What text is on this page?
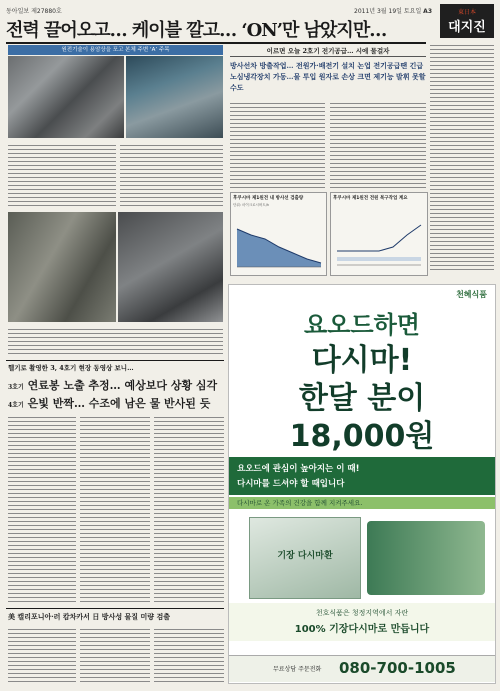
동아일보 제27880호	2011년 3월 19일 토요일 A3	東日本
대지진
전력 끌어오고… 케이블 깔고… ‘ON’만 남았지만…
원전기술이 용암상을 포고 본체 주변 ‘A’ 주목	이르면 오늘 2호기 전기공급… 시에 물걸자
방사선차 방출작업… 전원가·배전기 설치 논업 전기공급땐 긴급노심냉각장치 가동…물 투입 원자로 손상 크면 제기능 발휘 못할수도
후쿠시마 제1원전 내 방사선 검출량
단위: 마이크로시버트/h
후쿠시마 제1원전 전원 복구작업 계요
헬기로 촬영한 3, 4호기 현장 동영상 보니…
3호기 연료봉 노출 추정… 예상보다 상황 심각
4호기 은빛 반짝… 수조에 남은 물 반사된 듯
美 캘리포니아·러 캄차카서 日 방사성 물질 미량 검출
천혜식품
요오드하면
다시마!
한달 분이
18,000원
요오드에 관심이 높아지는 이 때!
다시마를 드셔야 할 때입니다
다시마로 온 가족의 건강을 함께 지켜주세요.
기장 다시마환
천호식품은 청정지역에서 자란
100% 기장다시마로 만듭니다
무료상담 주문전화 080-700-1005
